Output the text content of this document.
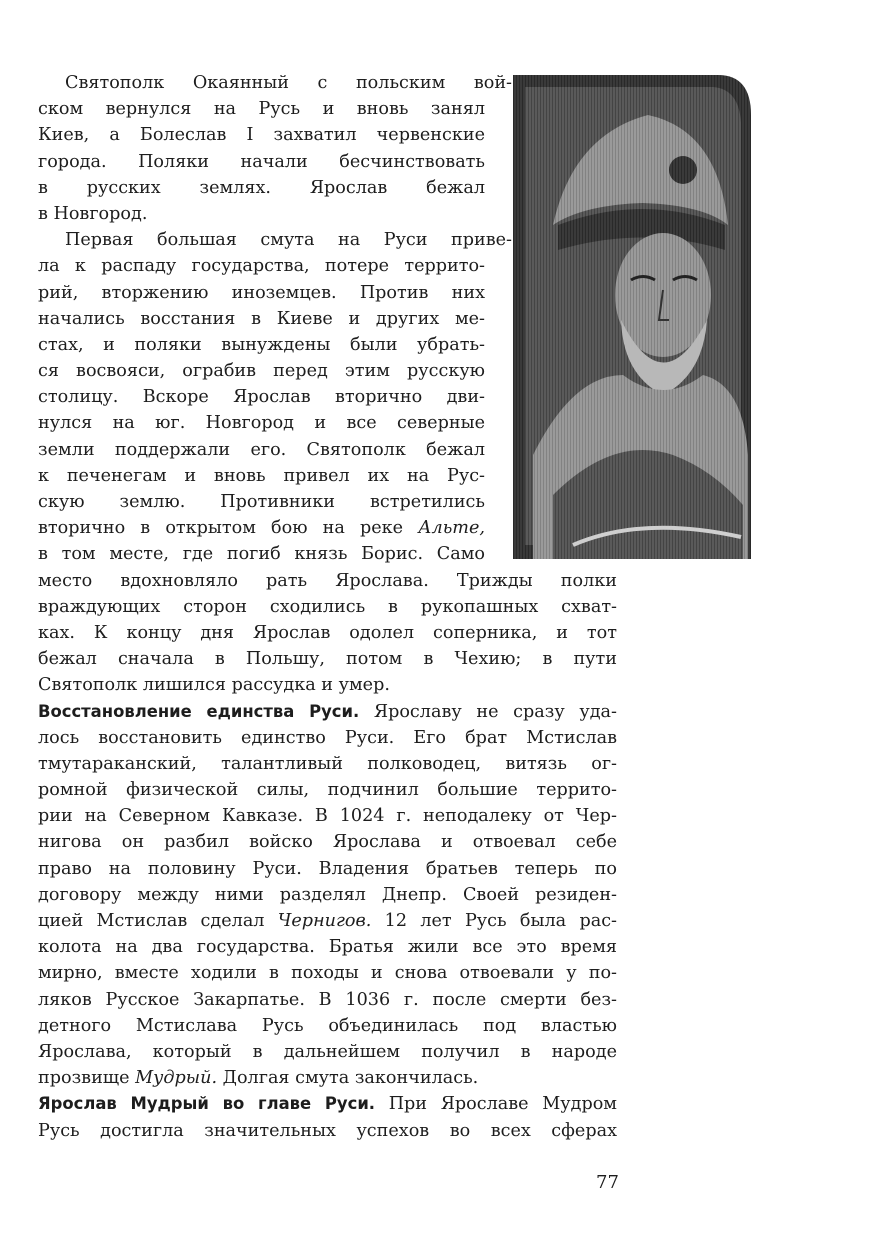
Святополк Окаянный с польским вой-
ском вернулся на Русь и вновь занял
Киев, а Болеслав I захватил червенские
города. Поляки начали бесчинствовать
в русских землях. Ярослав бежал
в Новгород.
Первая большая смута на Руси приве-
ла к распаду государства, потере террито-
рий, вторжению иноземцев. Против них
начались восстания в Киеве и других ме-
стах, и поляки вынуждены были убрать-
ся восвояси, ограбив перед этим русскую
столицу. Вскоре Ярослав вторично дви-
нулся на юг. Новгород и все северные
земли поддержали его. Святополк бежал
к печенегам и вновь привел их на Рус-
скую землю. Противники встретились
вторично в открытом бою на реке Альте,
в том месте, где погиб князь Борис. Само
место вдохновляло рать Ярослава. Трижды полки
враждующих сторон сходились в рукопашных схват-
ках. К концу дня Ярослав одолел соперника, и тот
бежал сначала в Польшу, потом в Чехию; в пути
Святополк лишился рассудка и умер.
Восстановление единства Руси. Ярославу не сразу уда-
лось восстановить единство Руси. Его брат Мстислав
тмутараканский, талантливый полководец, витязь ог-
ромной физической силы, подчинил большие террито-
рии на Северном Кавказе. В 1024 г. неподалеку от Чер-
нигова он разбил войско Ярослава и отвоевал себе
право на половину Руси. Владения братьев теперь по
договору между ними разделял Днепр. Своей резиден-
цией Мстислав сделал Чернигов. 12 лет Русь была рас-
колота на два государства. Братья жили все это время
мирно, вместе ходили в походы и снова отвоевали у по-
ляков Русское Закарпатье. В 1036 г. после смерти без-
детного Мстислава Русь объединилась под властью
Ярослава, который в дальнейшем получил в народе
прозвище Мудрый. Долгая смута закончилась.
Ярослав Мудрый во главе Руси. При Ярославе Мудром
Русь достигла значительных успехов во всех сферах
77
